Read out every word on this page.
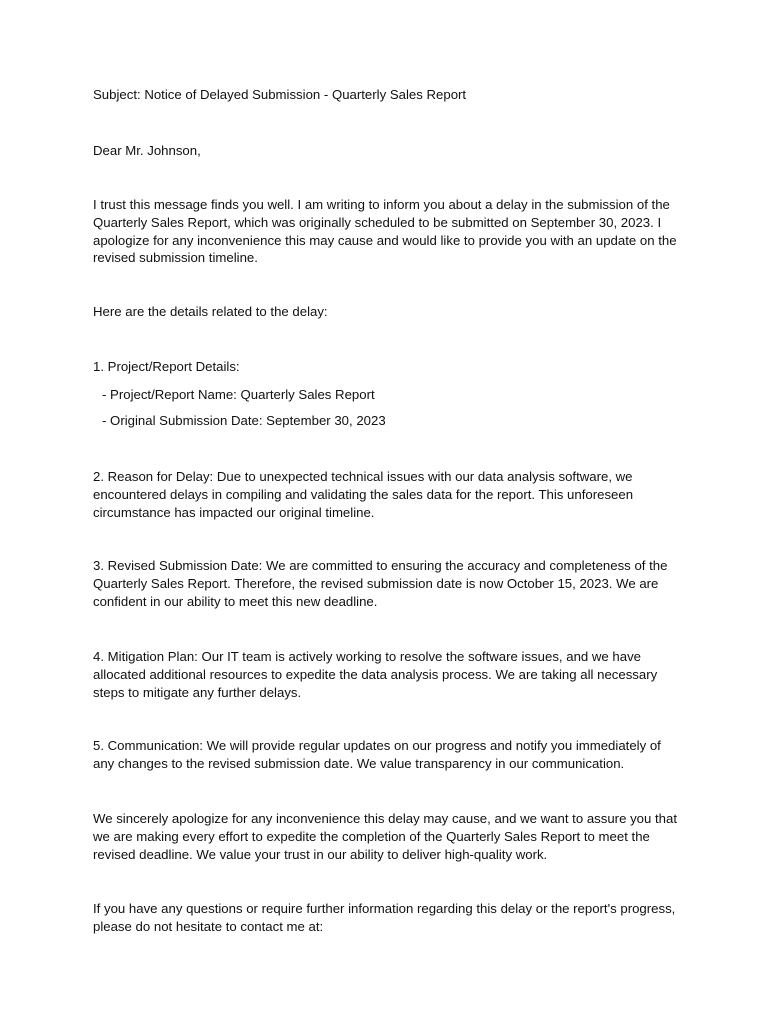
Subject: Notice of Delayed Submission - Quarterly Sales Report

Dear Mr. Johnson,

I trust this message finds you well. I am writing to inform you about a delay in the submission of the Quarterly Sales Report, which was originally scheduled to be submitted on September 30, 2023. I apologize for any inconvenience this may cause and would like to provide you with an update on the revised submission timeline.

Here are the details related to the delay:

1. Project/Report Details:

- Project/Report Name: Quarterly Sales Report

- Original Submission Date: September 30, 2023

2. Reason for Delay: Due to unexpected technical issues with our data analysis software, we encountered delays in compiling and validating the sales data for the report. This unforeseen circumstance has impacted our original timeline.

3. Revised Submission Date: We are committed to ensuring the accuracy and completeness of the Quarterly Sales Report. Therefore, the revised submission date is now October 15, 2023. We are confident in our ability to meet this new deadline.

4. Mitigation Plan: Our IT team is actively working to resolve the software issues, and we have allocated additional resources to expedite the data analysis process. We are taking all necessary steps to mitigate any further delays.

5. Communication: We will provide regular updates on our progress and notify you immediately of any changes to the revised submission date. We value transparency in our communication.

We sincerely apologize for any inconvenience this delay may cause, and we want to assure you that we are making every effort to expedite the completion of the Quarterly Sales Report to meet the revised deadline. We value your trust in our ability to deliver high-quality work.

If you have any questions or require further information regarding this delay or the report's progress, please do not hesitate to contact me at:
